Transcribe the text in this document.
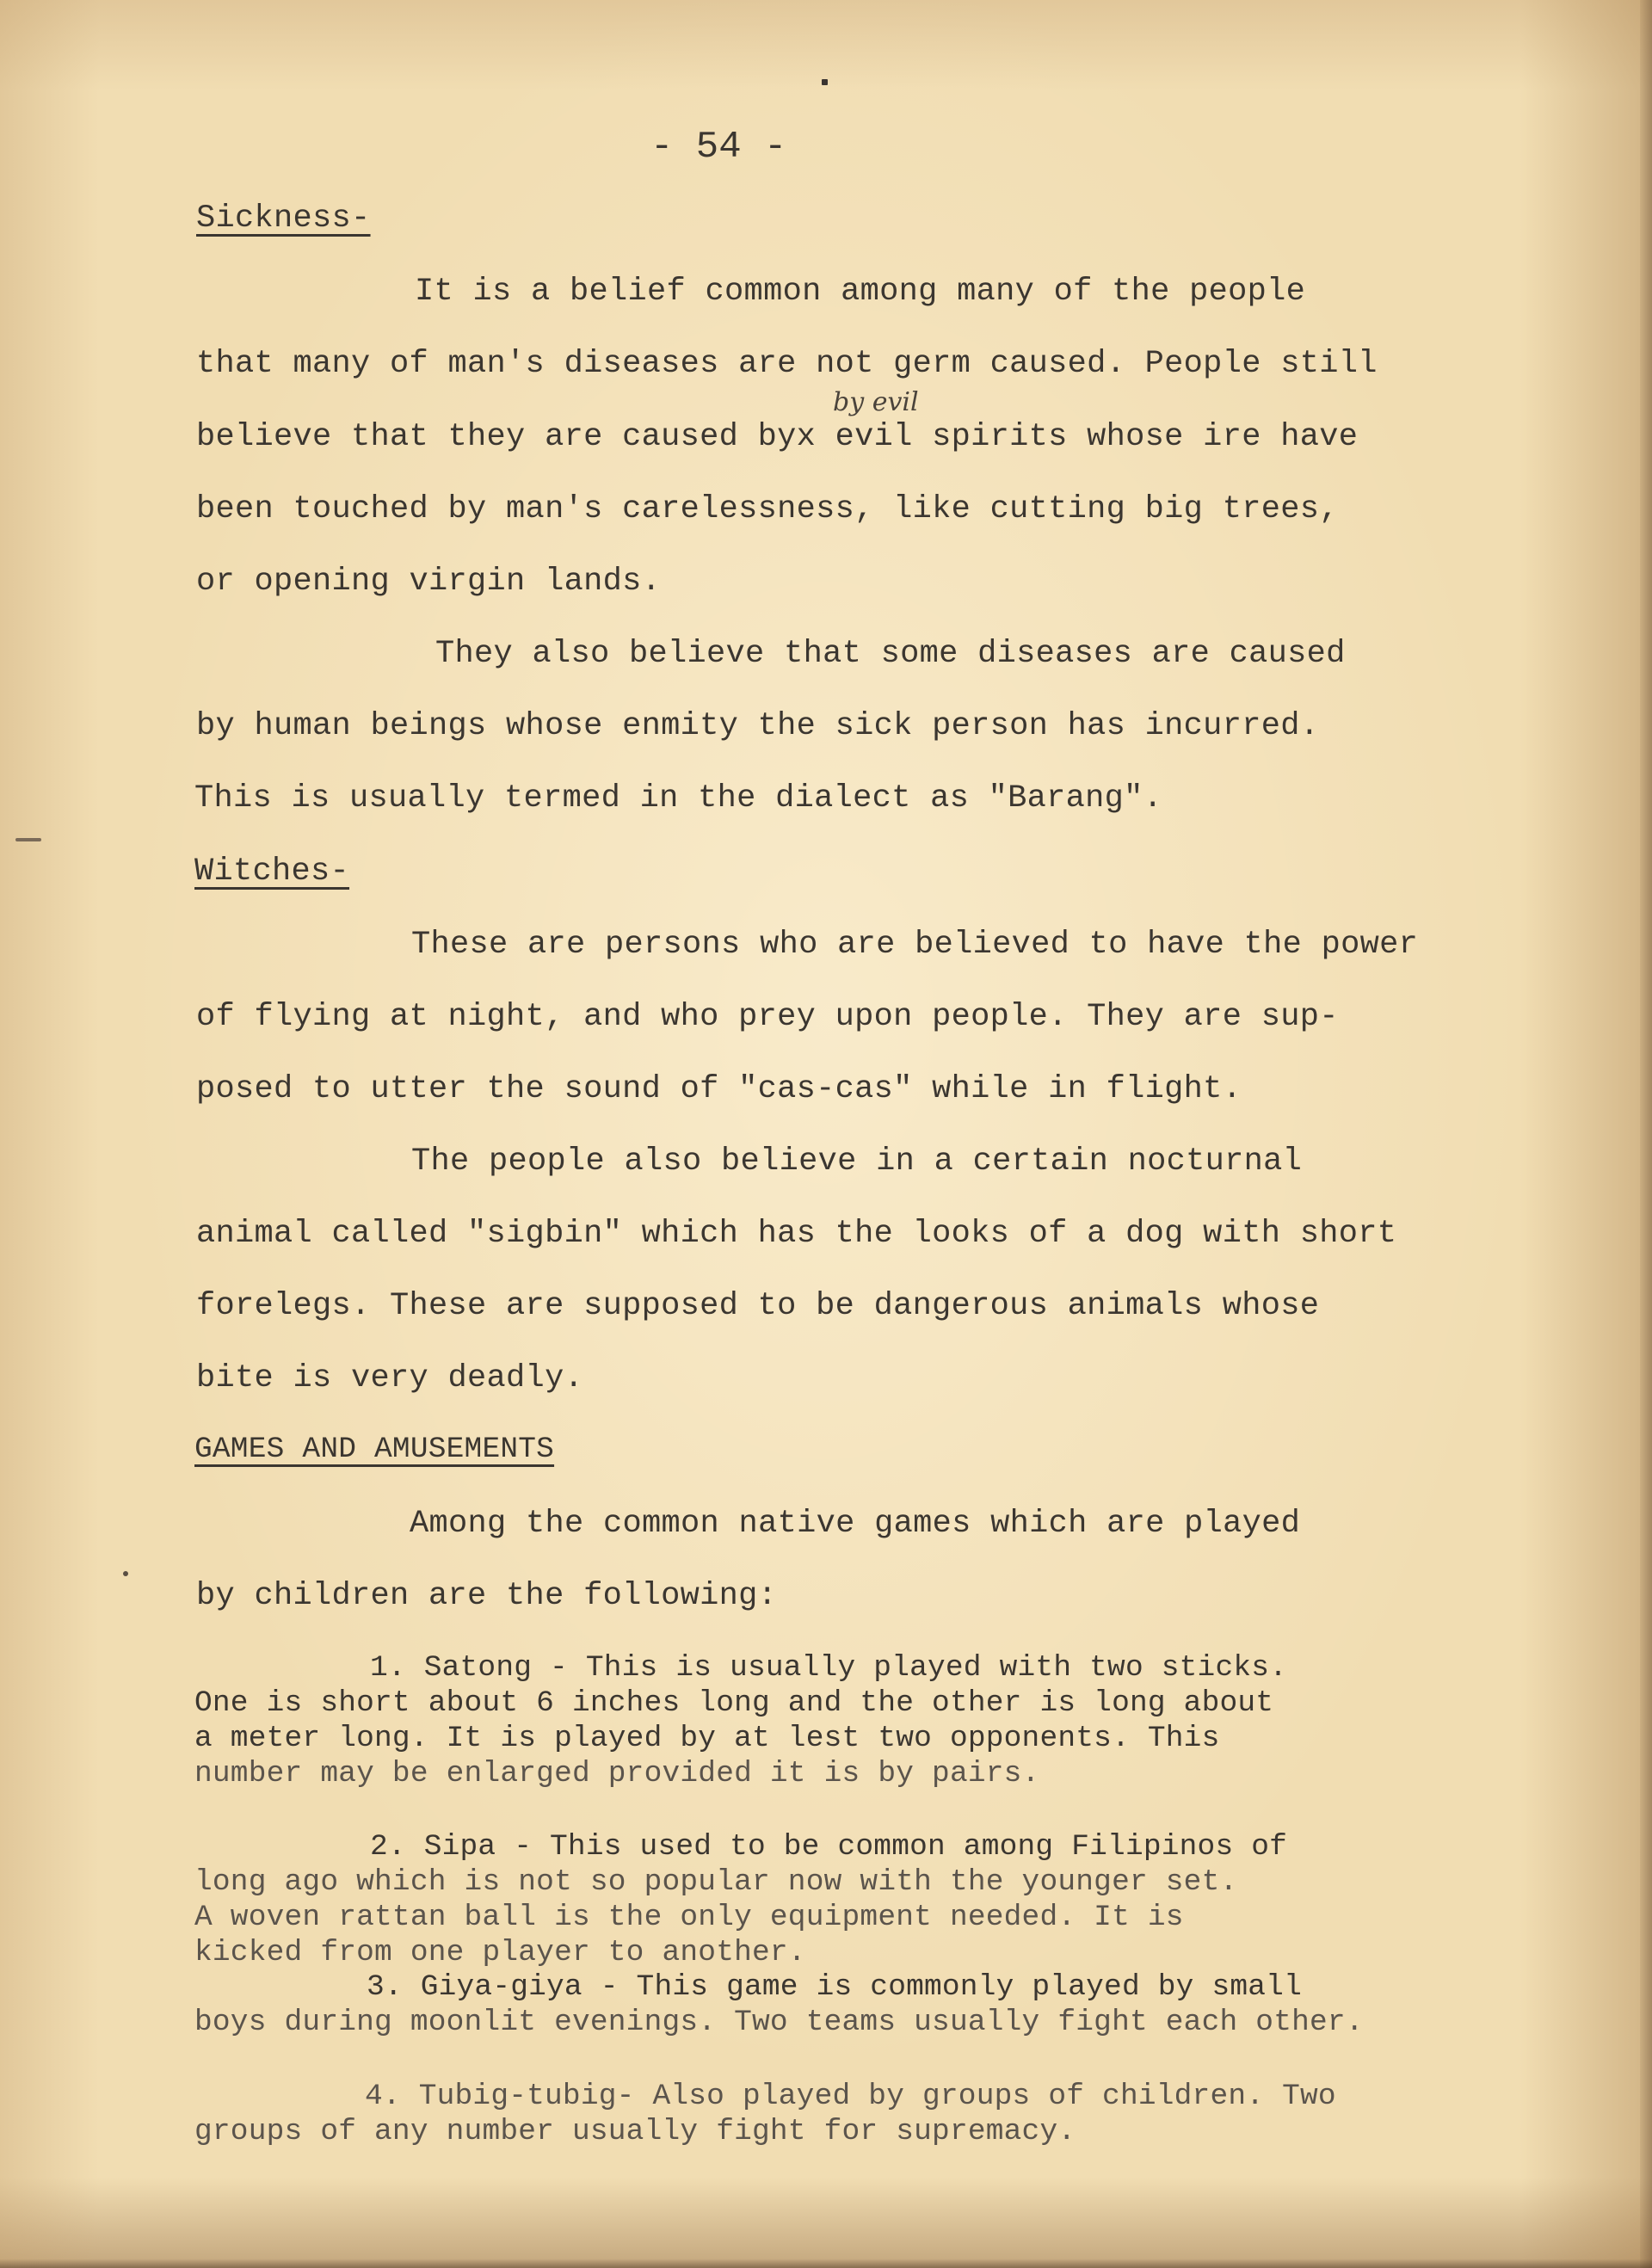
- 54 -
Sickness-
It is a belief common among many of the people
that many of man's diseases are not germ caused. People still
by evil
believe that they are caused byx evil spirits whose ire have
been touched by man's carelessness, like cutting big trees,
or opening virgin lands.
They also believe that some diseases are caused
by human beings whose enmity the sick person has incurred.
This is usually termed in the dialect as "Barang".
Witches-
These are persons who are believed to have the power
of flying at night, and who prey upon people. They are sup-
posed to utter the sound of "cas-cas" while in flight.
The people also believe in a certain nocturnal
animal called "sigbin" which has the looks of a dog with short
forelegs. These are supposed to be dangerous animals whose
bite is very deadly.
GAMES AND AMUSEMENTS
Among the common native games which are played
by children are the following:
1. Satong - This is usually played with two sticks.
One is short about 6 inches long and the other is long about
a meter long. It is played by at lest two opponents. This
number may be enlarged provided it is by pairs.
2. Sipa - This used to be common among Filipinos of
long ago which is not so popular now with the younger set.
A woven rattan ball is the only equipment needed. It is
kicked from one player to another.
3. Giya-giya - This game is commonly played by small
boys during moonlit evenings. Two teams usually fight each other.
4. Tubig-tubig- Also played by groups of children. Two
groups of any number usually fight for supremacy.
